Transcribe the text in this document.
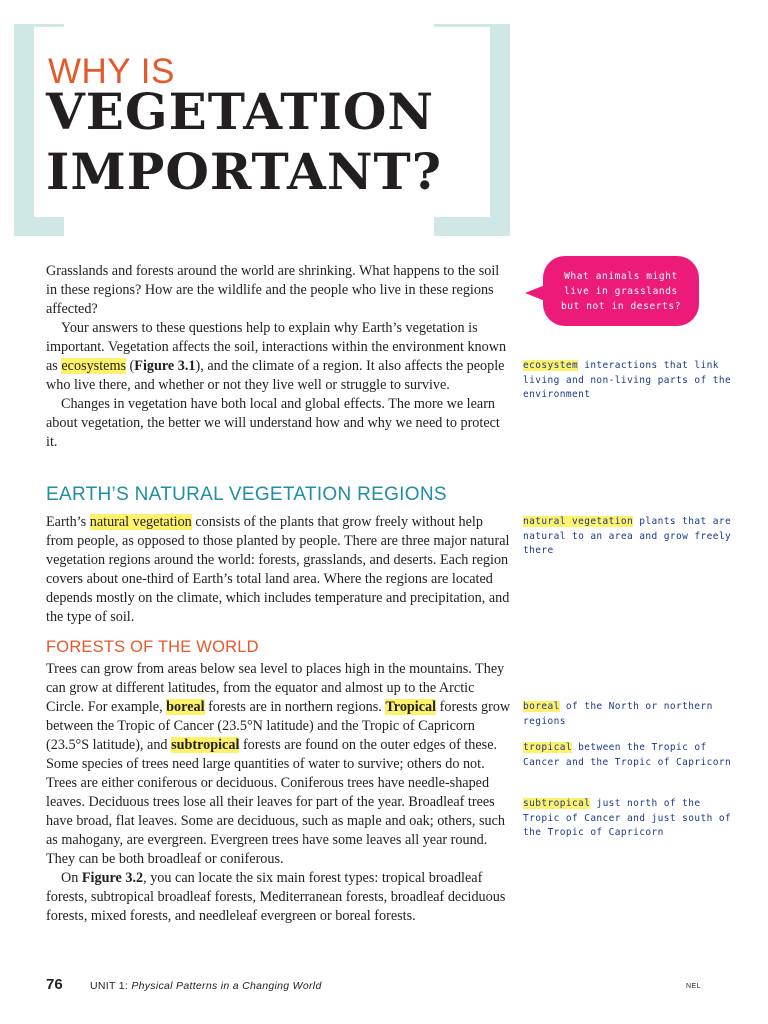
WHY IS
VEGETATION
IMPORTANT?

Grasslands and forests around the world are shrinking. What happens to the soil in these regions? How are the wildlife and the people who live in these regions affected?

Your answers to these questions help to explain why Earth’s vegetation is important. Vegetation affects the soil, interactions within the environment known as ecosystems (Figure 3.1), and the climate of a region. It also affects the people who live there, and whether or not they live well or struggle to survive.

Changes in vegetation have both local and global effects. The more we learn about vegetation, the better we will understand how and why we need to protect it.

EARTH’S NATURAL VEGETATION REGIONS

Earth’s natural vegetation consists of the plants that grow freely without help from people, as opposed to those planted by people. There are three major natural vegetation regions around the world: forests, grasslands, and deserts. Each region covers about one-third of Earth’s total land area. Where the regions are located depends mostly on the climate, which includes temperature and precipitation, and the type of soil.

FORESTS OF THE WORLD

Trees can grow from areas below sea level to places high in the mountains. They can grow at different latitudes, from the equator and almost up to the Arctic Circle. For example, boreal forests are in northern regions. Tropical forests grow between the Tropic of Cancer (23.5°N latitude) and the Tropic of Capricorn (23.5°S latitude), and subtropical forests are found on the outer edges of these. Some species of trees need large quantities of water to survive; others do not. Trees are either coniferous or deciduous. Coniferous trees have needle-shaped leaves. Deciduous trees lose all their leaves for part of the year. Broadleaf trees have broad, flat leaves. Some are deciduous, such as maple and oak; others, such as mahogany, are evergreen. Evergreen trees have some leaves all year round. They can be both broadleaf or coniferous.

On Figure 3.2, you can locate the six main forest types: tropical broadleaf forests, subtropical broadleaf forests, Mediterranean forests, broadleaf deciduous forests, mixed forests, and needleleaf evergreen or boreal forests.

What animals might live in grasslands but not in deserts?

ecosystem interactions that link living and non-living parts of the environment

natural vegetation plants that are natural to an area and grow freely there

boreal of the North or northern regions

tropical between the Tropic of Cancer and the Tropic of Capricorn

subtropical just north of the Tropic of Cancer and just south of the Tropic of Capricorn

76	UNIT 1: Physical Patterns in a Changing World	NEL
